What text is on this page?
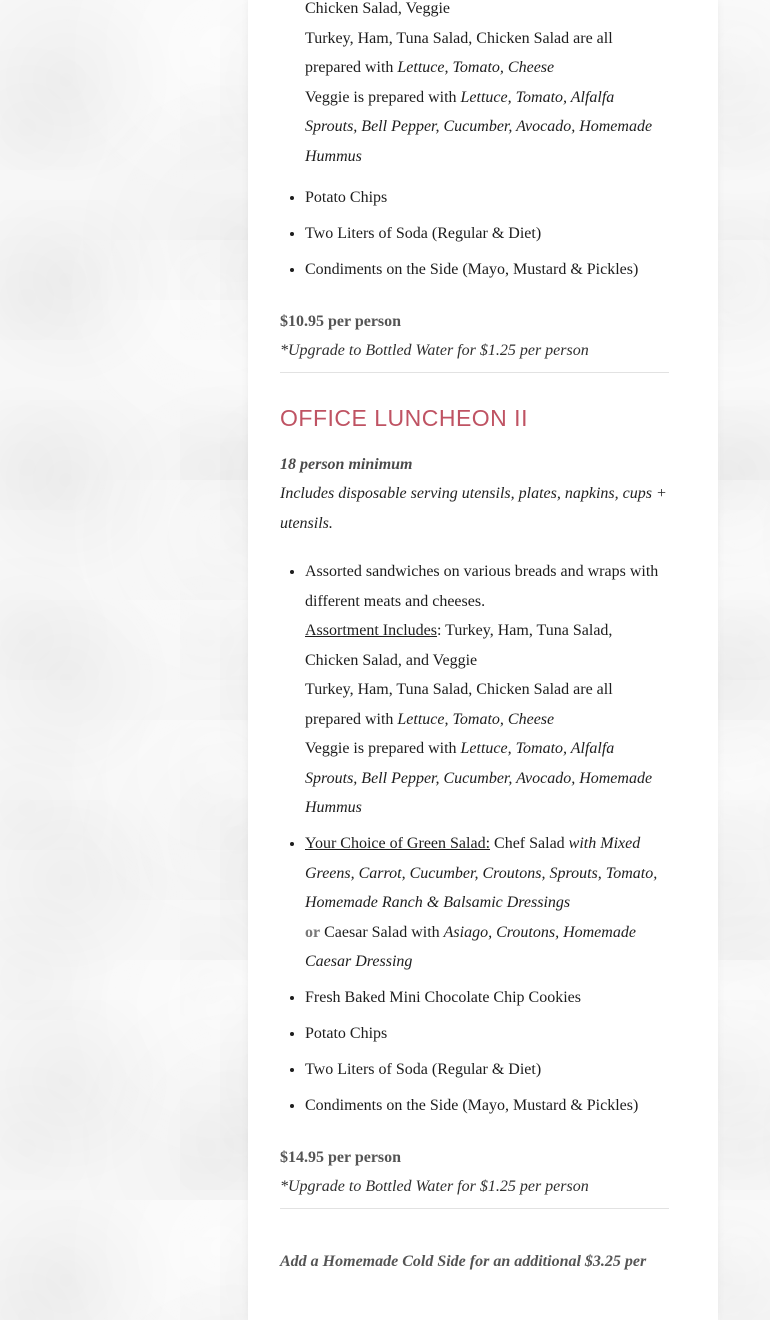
Chicken Salad, Veggie
Turkey, Ham, Tuna Salad, Chicken Salad are all prepared with Lettuce, Tomato, Cheese
Veggie is prepared with Lettuce, Tomato, Alfalfa Sprouts, Bell Pepper, Cucumber, Avocado, Homemade Hummus
• Potato Chips
• Two Liters of Soda (Regular & Diet)
• Condiments on the Side (Mayo, Mustard & Pickles)

$10.95 per person
*Upgrade to Bottled Water for $1.25 per person

OFFICE LUNCHEON II

18 person minimum

Includes disposable serving utensils, plates, napkins, cups + utensils.

• Assorted sandwiches on various breads and wraps with different meats and cheeses.
Assortment Includes: Turkey, Ham, Tuna Salad, Chicken Salad, and Veggie
Turkey, Ham, Tuna Salad, Chicken Salad are all prepared with Lettuce, Tomato, Cheese
Veggie is prepared with Lettuce, Tomato, Alfalfa Sprouts, Bell Pepper, Cucumber, Avocado, Homemade Hummus
• Your Choice of Green Salad: Chef Salad with Mixed Greens, Carrot, Cucumber, Croutons, Sprouts, Tomato, Homemade Ranch & Balsamic Dressings
or Caesar Salad with Asiago, Croutons, Homemade Caesar Dressing
• Fresh Baked Mini Chocolate Chip Cookies
• Potato Chips
• Two Liters of Soda (Regular & Diet)
• Condiments on the Side (Mayo, Mustard & Pickles)

$14.95 per person
*Upgrade to Bottled Water for $1.25 per person

Add a Homemade Cold Side for an additional $3.25 per
